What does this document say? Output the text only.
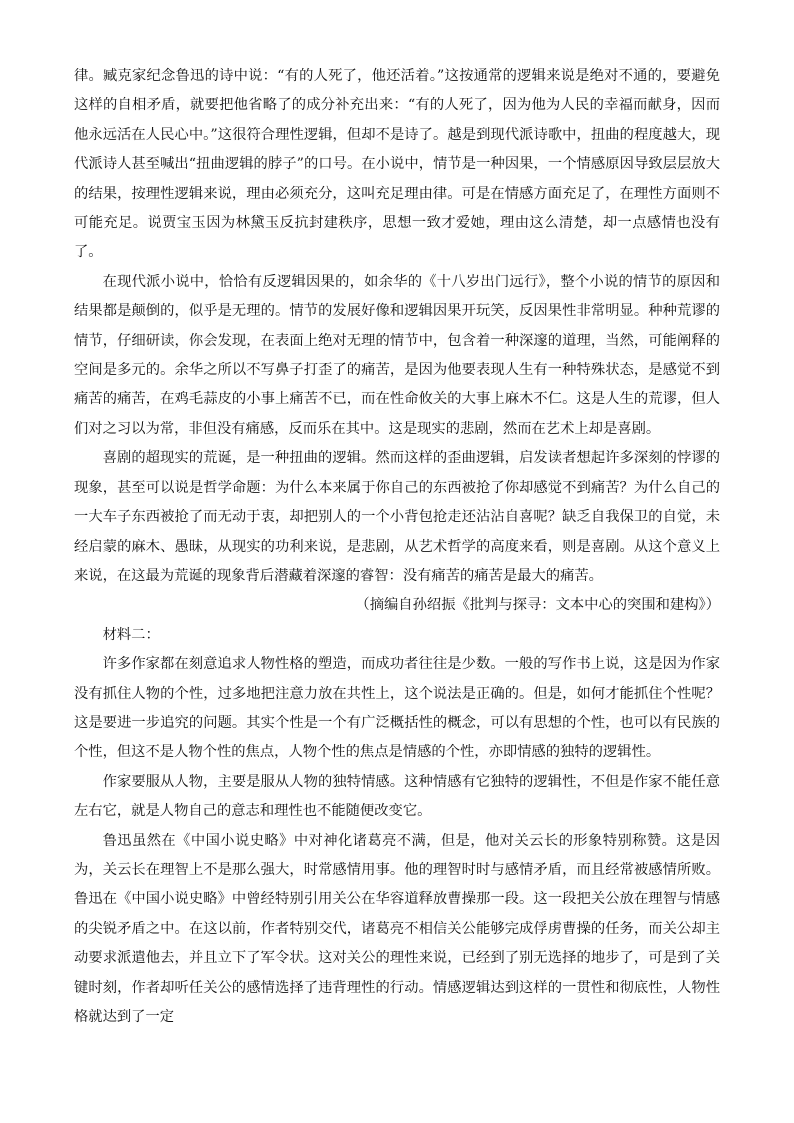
律。臧克家纪念鲁迅的诗中说：“有的人死了，他还活着。”这按通常的逻辑来说是绝对不通的，要避免这样的自相矛盾，就要把他省略了的成分补充出来：“有的人死了，因为他为人民的幸福而献身，因而他永远活在人民心中。”这很符合理性逻辑，但却不是诗了。越是到现代派诗歌中，扭曲的程度越大，现代派诗人甚至喊出“扭曲逻辑的脖子”的口号。在小说中，情节是一种因果，一个情感原因导致层层放大的结果，按理性逻辑来说，理由必须充分，这叫充足理由律。可是在情感方面充足了，在理性方面则不可能充足。说贾宝玉因为林黛玉反抗封建秩序，思想一致才爱她，理由这么清楚，却一点感情也没有了。

在现代派小说中，恰恰有反逻辑因果的，如余华的《十八岁出门远行》，整个小说的情节的原因和结果都是颠倒的，似乎是无理的。情节的发展好像和逻辑因果开玩笑，反因果性非常明显。种种荒谬的情节，仔细研读，你会发现，在表面上绝对无理的情节中，包含着一种深邃的道理，当然，可能阐释的空间是多元的。余华之所以不写鼻子打歪了的痛苦，是因为他要表现人生有一种特殊状态，是感觉不到痛苦的痛苦，在鸡毛蒜皮的小事上痛苦不已，而在性命攸关的大事上麻木不仁。这是人生的荒谬，但人们对之习以为常，非但没有痛感，反而乐在其中。这是现实的悲剧，然而在艺术上却是喜剧。

喜剧的超现实的荒诞，是一种扭曲的逻辑。然而这样的歪曲逻辑，启发读者想起许多深刻的悖谬的现象，甚至可以说是哲学命题：为什么本来属于你自己的东西被抢了你却感觉不到痛苦？为什么自己的一大车子东西被抢了而无动于衷，却把别人的一个小背包抢走还沾沾自喜呢？缺乏自我保卫的自觉，未经启蒙的麻木、愚昧，从现实的功利来说，是悲剧，从艺术哲学的高度来看，则是喜剧。从这个意义上来说，在这最为荒诞的现象背后潜藏着深邃的睿智：没有痛苦的痛苦是最大的痛苦。

（摘编自孙绍振《批判与探寻：文本中心的突围和建构》）

材料二：

许多作家都在刻意追求人物性格的塑造，而成功者往往是少数。一般的写作书上说，这是因为作家没有抓住人物的个性，过多地把注意力放在共性上，这个说法是正确的。但是，如何才能抓住个性呢？这是要进一步追究的问题。其实个性是一个有广泛概括性的概念，可以有思想的个性，也可以有民族的个性，但这不是人物个性的焦点，人物个性的焦点是情感的个性，亦即情感的独特的逻辑性。

作家要服从人物，主要是服从人物的独特情感。这种情感有它独特的逻辑性，不但是作家不能任意左右它，就是人物自己的意志和理性也不能随便改变它。

鲁迅虽然在《中国小说史略》中对神化诸葛亮不满，但是，他对关云长的形象特别称赞。这是因为，关云长在理智上不是那么强大，时常感情用事。他的理智时时与感情矛盾，而且经常被感情所败。鲁迅在《中国小说史略》中曾经特别引用关公在华容道释放曹操那一段。这一段把关公放在理智与情感的尖锐矛盾之中。在这以前，作者特别交代，诸葛亮不相信关公能够完成俘虏曹操的任务，而关公却主动要求派遣他去，并且立下了军令状。这对关公的理性来说，已经到了别无选择的地步了，可是到了关键时刻，作者却听任关公的感情选择了违背理性的行动。情感逻辑达到这样的一贯性和彻底性，人物性格就达到了一定
